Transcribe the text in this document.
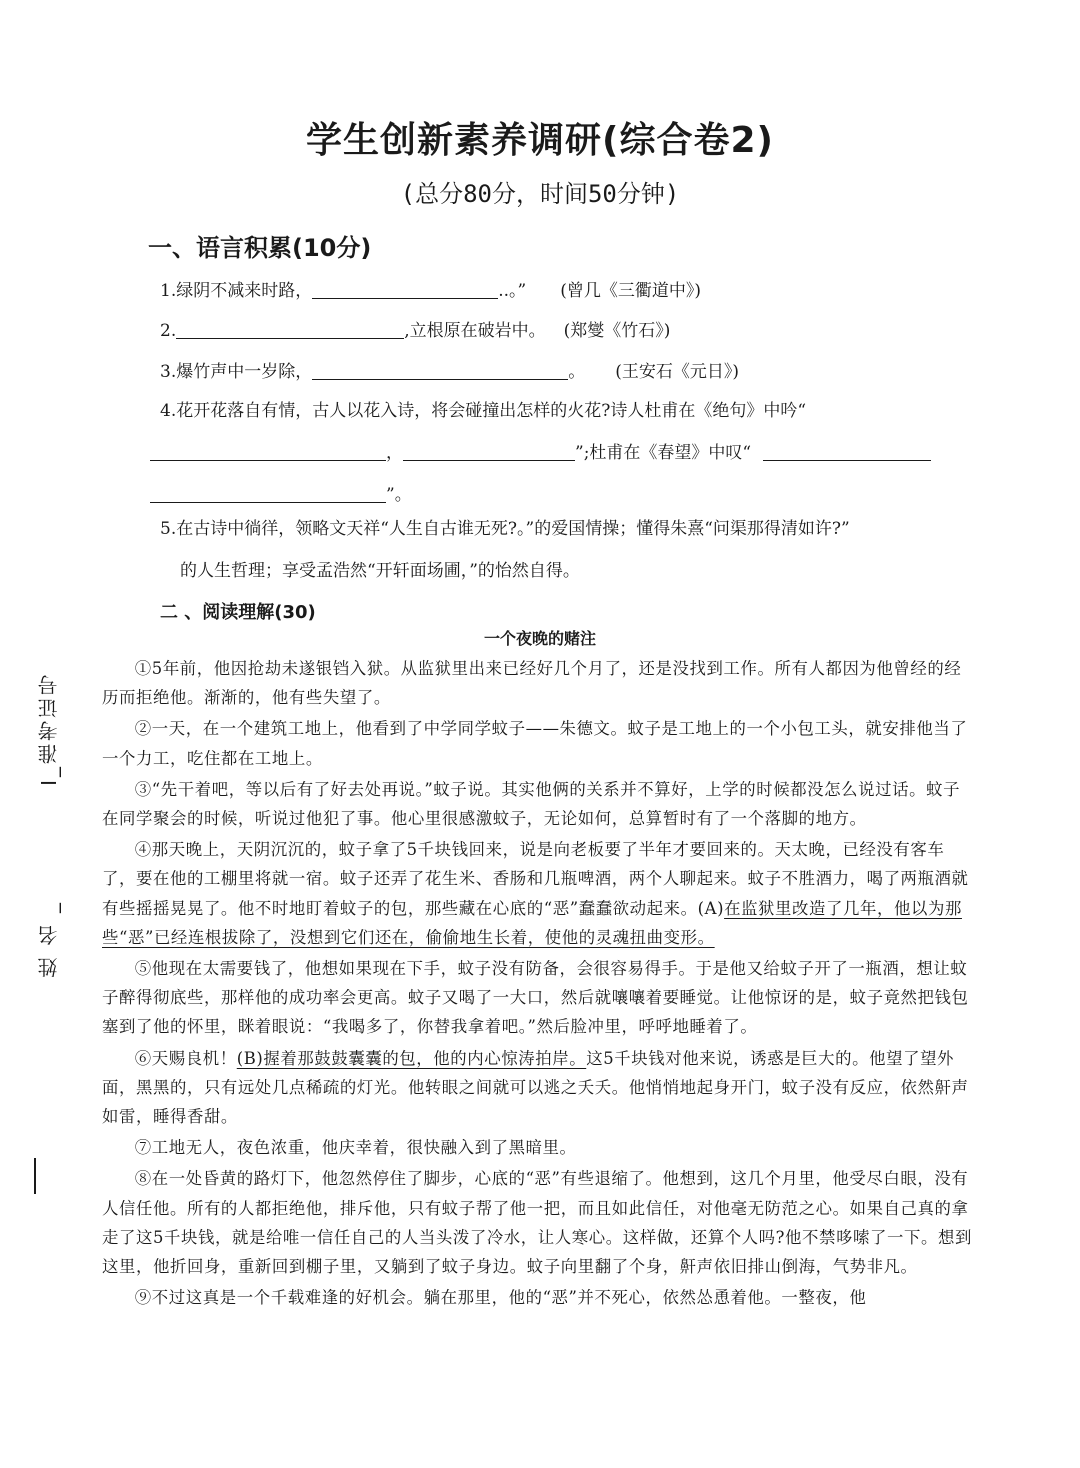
学生创新素养调研(综合卷2)
(总分80分，时间50分钟)
一、语言积累(10分)
1.绿阴不减来时路，	..。” (曾几《三衢道中》)
2.	,立根原在破岩中。 (郑燮《竹石》)
3.爆竹声中一岁除，	。 (王安石《元日》)
4.花开花落自有情，古人以花入诗，将会碰撞出怎样的火花?诗人杜甫在《绝句》中吟“
，	”;杜甫在《春望》中叹“
”。
5.在古诗中徜徉，领略文天祥“人生自古谁无死?。”的爱国情操；懂得朱熹“问渠那得清如许?”
的人生哲理；享受孟浩然“开轩面场圃，”的怡然自得。
二 、阅读理解(30)
一个夜晚的赌注

①5年前，他因抢劫未遂银铛入狱。从监狱里出来已经好几个月了，还是没找到工作。所有人都因为他曾经的经历而拒绝他。渐渐的，他有些失望了。

②一天，在一个建筑工地上，他看到了中学同学蚊子——朱德文。蚊子是工地上的一个小包工头，就安排他当了一个力工，吃住都在工地上。

③“先干着吧，等以后有了好去处再说。”蚊子说。其实他俩的关系并不算好，上学的时候都没怎么说过话。蚊子在同学聚会的时候，听说过他犯了事。他心里很感激蚊子，无论如何，总算暂时有了一个落脚的地方。

④那天晚上，天阴沉沉的，蚊子拿了5千块钱回来，说是向老板要了半年才要回来的。天太晚，已经没有客车了，要在他的工棚里将就一宿。蚊子还弄了花生米、香肠和几瓶啤酒，两个人聊起来。蚊子不胜酒力，喝了两瓶酒就有些摇摇晃晃了。他不时地盯着蚊子的包，那些藏在心底的“恶”蠢蠢欲动起来。(A)在监狱里改造了几年，他以为那些“恶”已经连根拔除了，没想到它们还在，偷偷地生长着，使他的灵魂扭曲变形。

⑤他现在太需要钱了，他想如果现在下手，蚊子没有防备，会很容易得手。于是他又给蚊子开了一瓶酒，想让蚊子醉得彻底些，那样他的成功率会更高。蚊子又喝了一大口，然后就嚷嚷着要睡觉。让他惊讶的是，蚊子竟然把钱包塞到了他的怀里，眯着眼说：“我喝多了，你替我拿着吧。”然后脸冲里，呼呼地睡着了。

⑥天赐良机！(B)握着那鼓鼓囊囊的包，他的内心惊涛拍岸。这5千块钱对他来说，诱惑是巨大的。他望了望外面，黑黑的，只有远处几点稀疏的灯光。他转眼之间就可以逃之夭夭。他悄悄地起身开门，蚊子没有反应，依然鼾声如雷，睡得香甜。

⑦工地无人，夜色浓重，他庆幸着，很快融入到了黑暗里。

⑧在一处昏黄的路灯下，他忽然停住了脚步，心底的“恶”有些退缩了。他想到，这几个月里，他受尽白眼，没有人信任他。所有的人都拒绝他，排斥他，只有蚊子帮了他一把，而且如此信任，对他毫无防范之心。如果自己真的拿走了这5千块钱，就是给唯一信任自己的人当头泼了冷水，让人寒心。这样做，还算个人吗?他不禁哆嗦了一下。想到这里，他折回身，重新回到棚子里，又躺到了蚊子身边。蚊子向里翻了个身，鼾声依旧排山倒海，气势非凡。

⑨不过这真是一个千载难逢的好机会。躺在那里，他的“恶”并不死心，依然怂恿着他。一整夜，他

I_准考证号
姓 名 _
